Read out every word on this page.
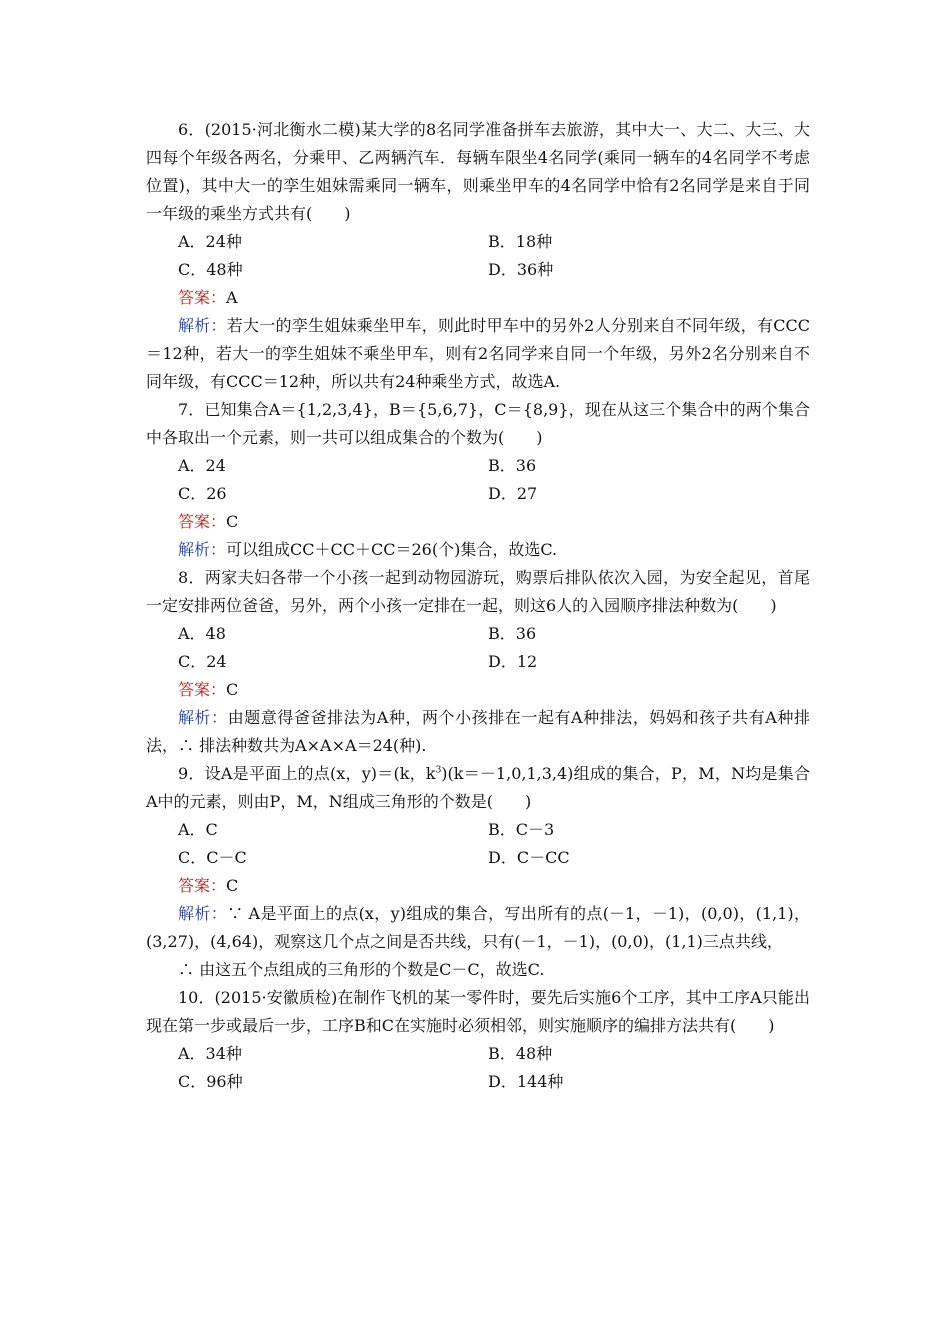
6．(2015·河北衡水二模)某大学的8名同学准备拼车去旅游，其中大一、大二、大三、大四每个年级各两名，分乘甲、乙两辆汽车．每辆车限坐4名同学(乘同一辆车的4名同学不考虑位置)，其中大一的孪生姐妹需乘同一辆车，则乘坐甲车的4名同学中恰有2名同学是来自于同一年级的乘坐方式共有(　　)

A．24种	B．18种
C．48种	D．36种

答案：A

解析：若大一的孪生姐妹乘坐甲车，则此时甲车中的另外2人分别来自不同年级，有CCC＝12种，若大一的孪生姐妹不乘坐甲车，则有2名同学来自同一个年级，另外2名分别来自不同年级，有CCC＝12种，所以共有24种乘坐方式，故选A.

7．已知集合A＝{1,2,3,4}，B＝{5,6,7}，C＝{8,9}，现在从这三个集合中的两个集合中各取出一个元素，则一共可以组成集合的个数为(　　)

A．24	B．36
C．26	D．27

答案：C

解析：可以组成CC＋CC＋CC＝26(个)集合，故选C.

8．两家夫妇各带一个小孩一起到动物园游玩，购票后排队依次入园，为安全起见，首尾一定安排两位爸爸，另外，两个小孩一定排在一起，则这6人的入园顺序排法种数为(　　)

A．48	B．36
C．24	D．12

答案：C

解析：由题意得爸爸排法为A种，两个小孩排在一起有A种排法，妈妈和孩子共有A种排法，∴ 排法种数共为A×A×A＝24(种).

9．设A是平面上的点(x，y)＝(k，$k^3)(k=-1,0,1,3,4)$组成的集合，P，M，N均是集合A中的元素，则由P，M，N组成三角形的个数是(　　)

A．C	B．C－3
C．C－C	D．C－CC

答案：C

解析：∵ A是平面上的点(x，y)组成的集合，写出所有的点(－1，－1)，(0,0)，(1,1)，(3,27)，(4,64)，观察这几个点之间是否共线，只有(－1，－1)，(0,0)，(1,1)三点共线，

∴ 由这五个点组成的三角形的个数是C－C，故选C.

10．(2015·安徽质检)在制作飞机的某一零件时，要先后实施6个工序，其中工序A只能出现在第一步或最后一步，工序B和C在实施时必须相邻，则实施顺序的编排方法共有(　　)

A．34种	B．48种
C．96种	D．144种
